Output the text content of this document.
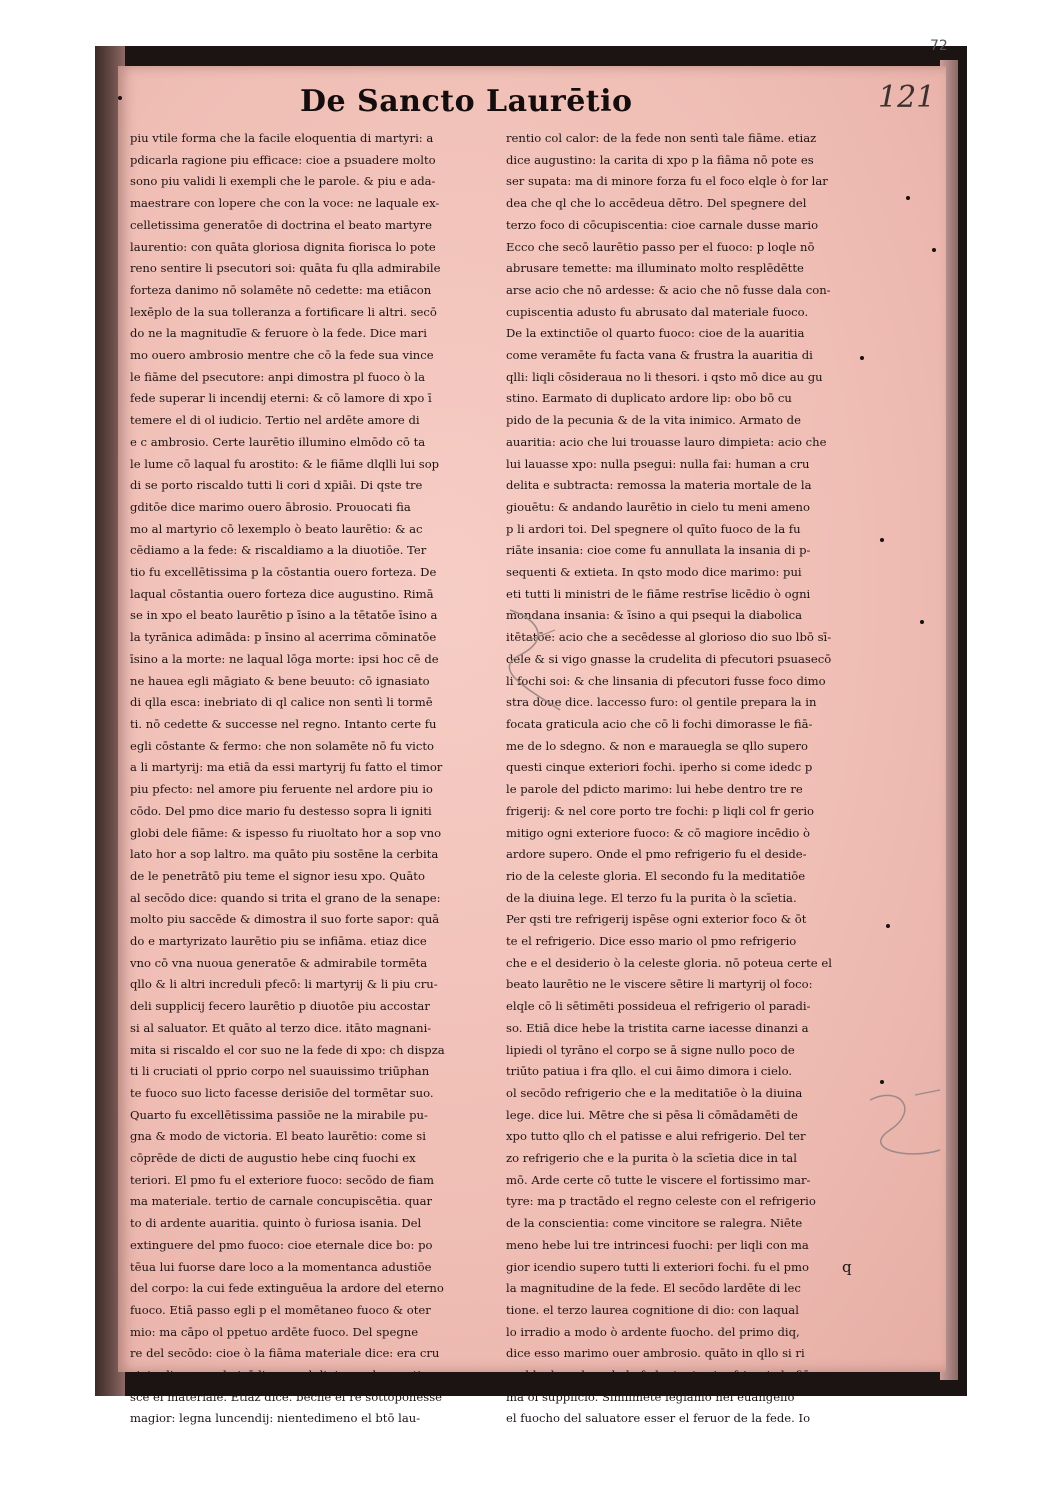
De Sancto Laurētio	121
72
piu vtile forma che la facile eloquentia di martyri: a
pdicarla ragione piu efficace: cioe a psuadere molto
sono piu validi li exempli che le parole. & piu e ada-
maestrare con lopere che con la voce: ne laquale ex-
celletissima generatōe di doctrina el beato martyre
laurentio: con quāta gloriosa dignita fiorisca lo pote
reno sentire li psecutori soi: quāta fu qlla admirabile
forteza danimo nō solamēte nō cedette: ma etiācon
lexēplo de la sua tolleranza a fortificare li altri. secō
do ne la magnitudīe & feruore ò la fede. Dice mari
mo ouero ambrosio mentre che cō la fede sua vince
le fiāme del psecutore: anpi dimostra pl fuoco ò la
fede superar li incendij eterni: & cō lamore di xpo ī
temere el di ol iudicio. Tertio nel ardēte amore di
e c ambrosio. Certe laurētio illumino elmōdo cō ta
le lume cō laqual fu arostito: & le fiāme dlqlli lui sop
di se porto riscaldo tutti li cori d xpiāi. Di qste tre
gditōe dice marimo ouero ābrosio. Prouocati fia
mo al martyrio cō lexemplo ò beato laurētio: & ac
cēdiamo a la fede: & riscaldiamo a la diuotiōe. Ter
tio fu excellētissima p la cōstantia ouero forteza. De
laqual cōstantia ouero forteza dice augustino. Rimā
se in xpo el beato laurētio p īsino a la tētatōe īsino a
la tyrānica adimāda: p īnsino al acerrima cōminatōe
īsino a la morte: ne laqual lōga morte: ipsi hoc cē de
ne hauea egli māgiato & bene beuuto: cō ignasiato
di qlla esca: inebriato di ql calice non sentì li tormē
ti. nō cedette & successe nel regno. Intanto certe fu
egli cōstante & fermo: che non solamēte nō fu victo
a li martyrij: ma etiā da essi martyrij fu fatto el timor
piu pfecto: nel amore piu feruente nel ardore piu io
cōdo. Del pmo dice mario fu destesso sopra li igniti
globi dele fiāme: & ispesso fu riuoltato hor a sop vno
lato hor a sop laltro. ma quāto piu sostēne la cerbita
de le penetrātō piu teme el signor iesu xpo. Quāto
al secōdo dice: quando si trita el grano de la senape:
molto piu saccēde & dimostra il suo forte sapor: quā
do e martyrizato laurētio piu se infiāma. etiaz dice
vno cō vna nuoua generatōe & admirabile tormēta
qllo & li altri increduli pfecō: li martyrij & li piu cru-
deli supplicij fecero laurētio p diuotōe piu accostar
si al saluator. Et quāto al terzo dice. itāto magnani-
mita si riscaldo el cor suo ne la fede di xpo: ch dispza
ti li cruciati ol pprio corpo nel suauissimo triūphan
te fuoco suo licto facesse derisiōe del tormētar suo.
Quarto fu excellētissima passiōe ne la mirabile pu-
gna & modo de victoria. El beato laurētio: come si
cōprēde de dicti de augustio hebe cinq fuochi ex
teriori. El pmo fu el exteriore fuoco: secōdo de fiam
ma materiale. tertio de carnale concupiscētia. quar
to di ardente auaritia. quinto ò furiosa isania. Del
extinguere del pmo fuoco: cioe eternale dice bo: po
tēua lui fuorse dare loco a la momentanca adustiōe
del corpo: la cui fede extinguēua la ardore del eterno
fuoco. Etiā passo egli p el momētaneo fuoco & oter
mio: ma cāpo ol ppetuo ardēte fuoco. Del spegne
re del secōdo: cioe ò la fiāma materiale dice: era cru
ciato di corporale icēdio: ma el diuino ardore extin-
sce el materiale. Etiaz dice. bēche el re sottoponesse
magior: legna luncendij: nientedimeno el btō lau-
rentio col calor: de la fede non sentì tale fiāme. etiaz
dice augustino: la carita di xpo p la fiāma nō pote es
ser supata: ma di minore forza fu el foco elqle ò for lar
dea che ql che lo accēdeua dētro. Del spegnere del
terzo foco di cōcupiscentia: cioe carnale dusse mario
Ecco che secō laurētio passo per el fuoco: p loqle nō
abrusare temette: ma illuminato molto resplēdētte
arse acio che nō ardesse: & acio che nō fusse dala con-
cupiscentia adusto fu abrusato dal materiale fuoco.
De la extinctiōe ol quarto fuoco: cioe de la auaritia
come veramēte fu facta vana & frustra la auaritia di
qlli: liqli cōsideraua no li thesori. i qsto mō dice au gu
stino. Earmato di duplicato ardore lip: obo bō cu
pido de la pecunia & de la vita inimico. Armato de
auaritia: acio che lui trouasse lauro dimpieta: acio che
lui lauasse xpo: nulla psegui: nulla fai: human a cru
delita e subtracta: remossa la materia mortale de la
giouētu: & andando laurētio in cielo tu meni ameno
p li ardori toi. Del spegnere ol quīto fuoco de la fu
riāte insania: cioe come fu annullata la insania di p-
sequenti & extieta. In qsto modo dice marimo: pui
eti tutti li ministri de le fiāme restrīse licēdio ò ogni
mondana insania: & īsino a qui psequi la diabolica
itētatōe: acio che a secēdesse al glorioso dio suo lbō sī-
dele & si vigo gnasse la crudelita di pfecutori psuasecō
li fochi soi: & che linsania di pfecutori fusse foco dimo
stra doue dice. laccesso furo: ol gentile prepara la in
focata graticula acio che cō li fochi dimorasse le fiā-
me de lo sdegno. & non e marauegla se qllo supero
questi cinque exteriori fochi. iperho si come idedc p
le parole del pdicto marimo: lui hebe dentro tre re
frigerij: & nel core porto tre fochi: p liqli col fr gerio
mitigo ogni exteriore fuoco: & cō magiore incēdio ò
ardore supero. Onde el pmo refrigerio fu el deside-
rio de la celeste gloria. El secondo fu la meditatiōe
de la diuina lege. El terzo fu la purita ò la scīetia.
Per qsti tre refrigerij ispēse ogni exterior foco & ōt
te el refrigerio. Dice esso mario ol pmo refrigerio
che e el desiderio ò la celeste gloria. nō poteua certe el
beato laurētio ne le viscere sētire li martyrij ol foco:
elqle cō li sētimēti possideua el refrigerio ol paradi-
so. Etiā dice hebe la tristita carne iacesse dinanzi a
lipiedi ol tyrāno el corpo se ā signe nullo poco de
triūto patiua i fra qllo. el cui āimo dimora i cielo.
ol secōdo refrigerio che e la meditatiōe ò la diuina
lege. dice lui. Mētre che si pēsa li cōmādamēti de
xpo tutto qllo ch el patisse e alui refrigerio. Del ter
zo refrigerio che e la purita ò la scīetia dice in tal
mō. Arde certe cō tutte le viscere el fortissimo mar-
tyre: ma p tractādo el regno celeste con el refrigerio
de la conscientia: come vincitore se ralegra. Niēte
meno hebe lui tre intrincesi fuochi: per liqli con ma
gior icendio supero tutti li exteriori fochi. fu el pmo
la magnitudine de la fede. El secōdo lardēte di lec
tione. el terzo laurea cognitione di dio: con laqual
lo irradio a modo ò ardente fuocho. del primo diq,
dice esso marimo ouer ambrosio. quāto in qllo si ri
scaldo de ardore de la fede. tanto si refrigerio la fiā
ma ol supplicio. Similmēte legiamo nel euangelio
el fuocho del saluatore esser el feruor de la fede. Io
q
